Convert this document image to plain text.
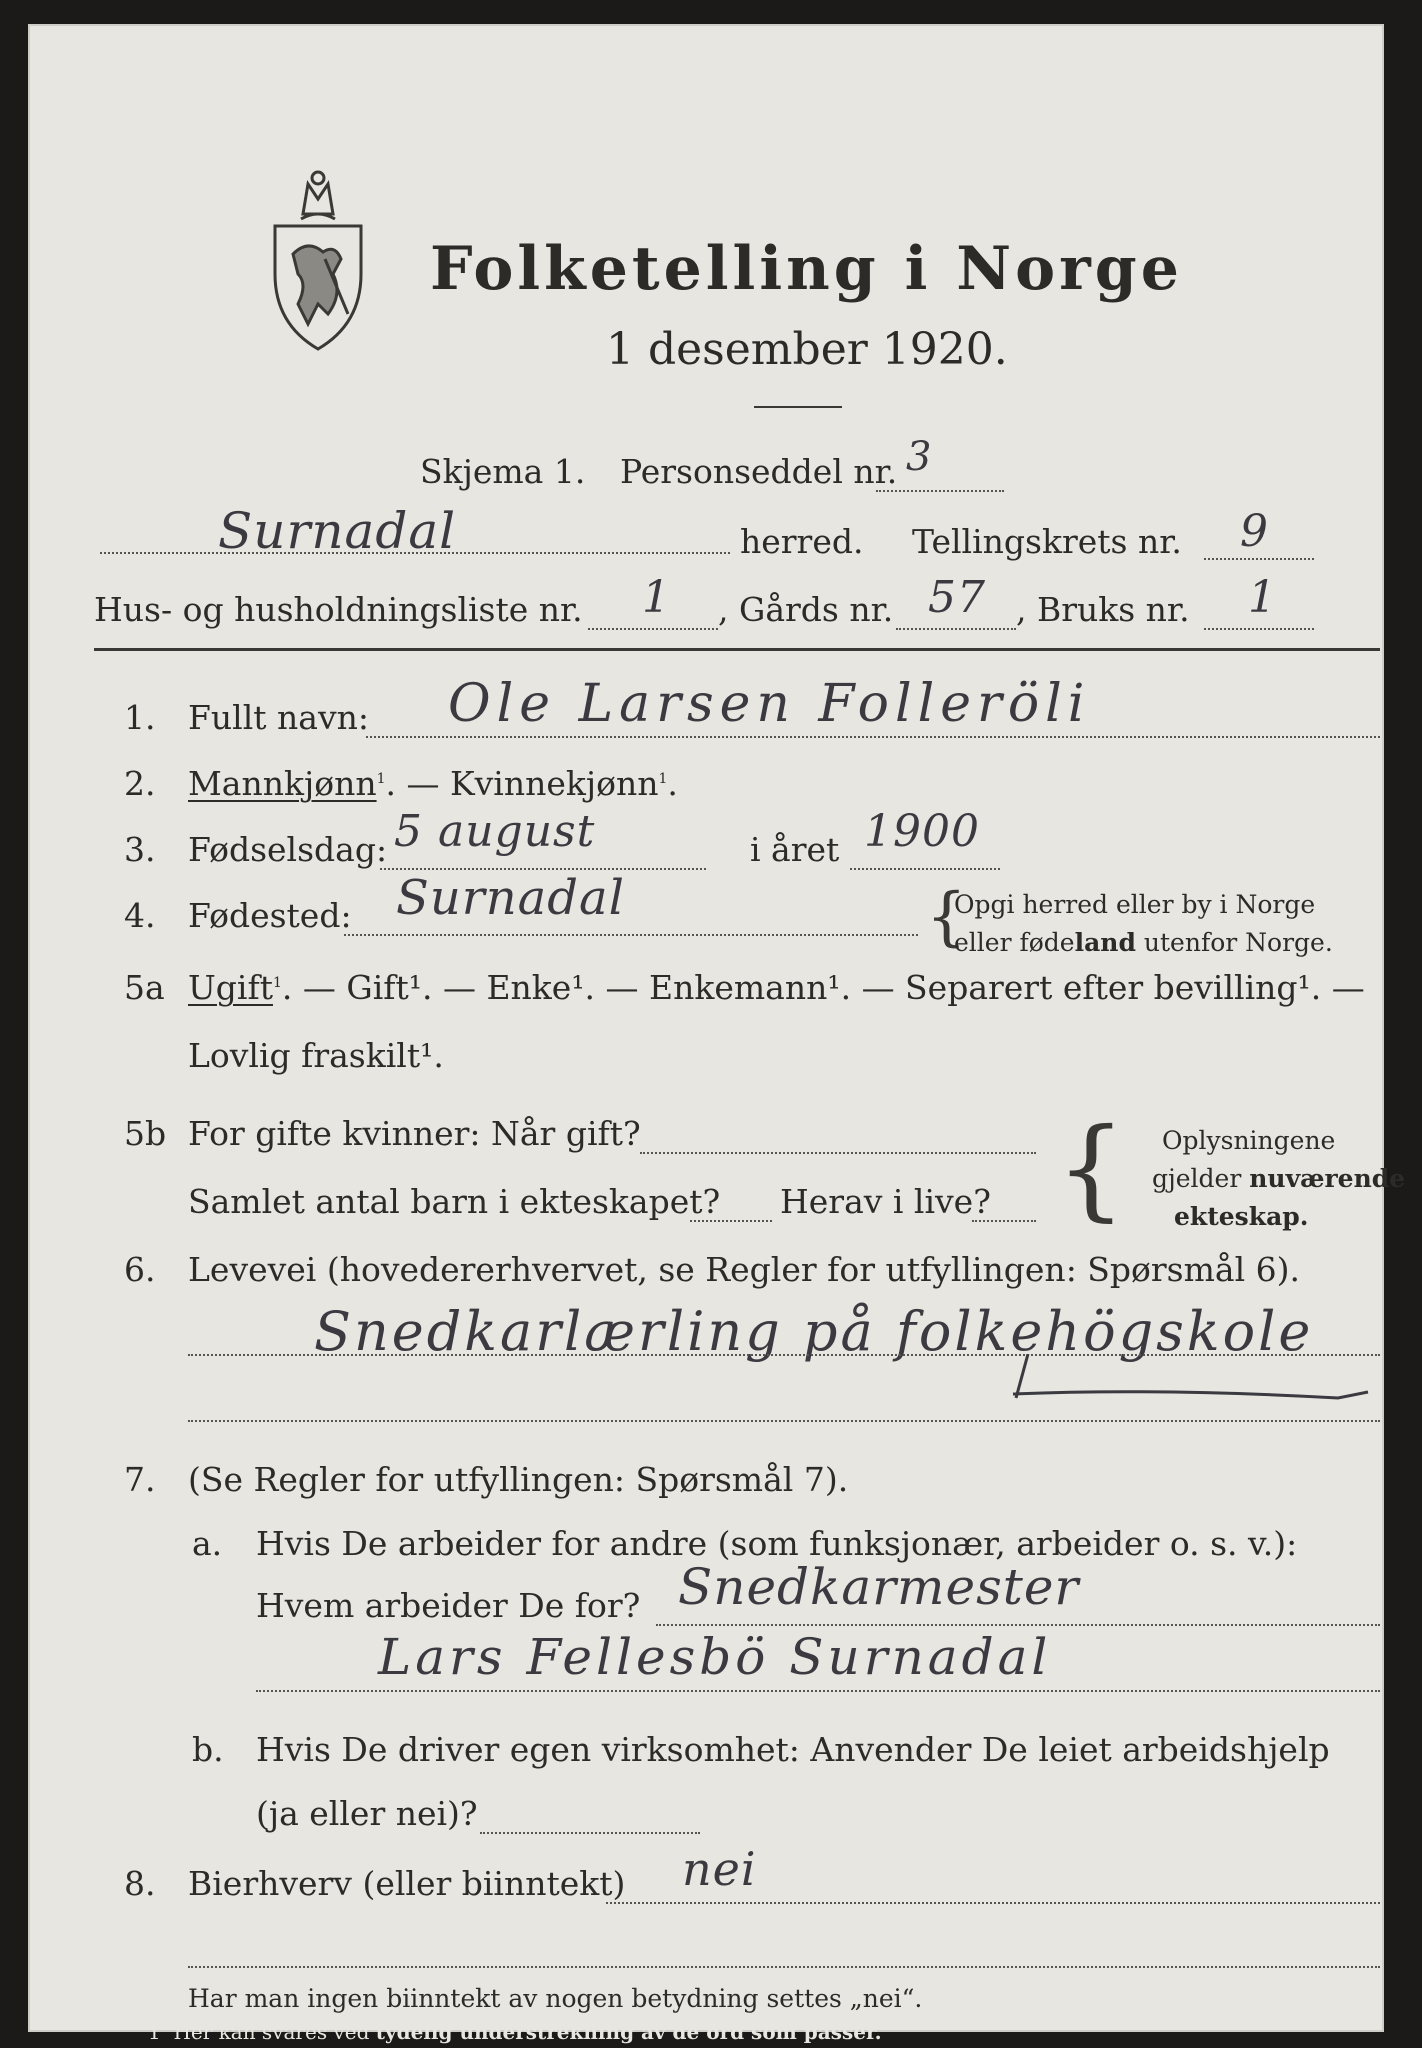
Folketelling i Norge
1 desember 1920.
Skjema 1. Personseddel nr. 3
Surnadal	herred. Tellingskrets nr. 9
Hus- og husholdningsliste nr. 1 , Gårds nr. 57 , Bruks nr. 1
1. Fullt navn: Ole Larsen Folleröli
2. Mannkjønn$^1$. — Kvinnekjønn$^1$.
3. Fødselsdag: 5 august	i året 1900
4. Fødested: Surnadal	{
Opgi herred eller by i Norge
eller fødeland utenfor Norge.
5a Ugift$^1$. — Gift¹. — Enke¹. — Enkemann¹. — Separert efter bevilling¹. —
Lovlig fraskilt¹.
5b For gifte kvinner: Når gift?
Samlet antal barn i ekteskapet? Herav i live? { Oplysningene
gjelder nuværende
ekteskap.
6. Levevei (hovedererhvervet, se Regler for utfyllingen: Spørsmål 6).
Snedkarlærling på folkehögskole
7. (Se Regler for utfyllingen: Spørsmål 7).
a. Hvis De arbeider for andre (som funksjonær, arbeider o. s. v.):
Hvem arbeider De for? Snedkarmester
Lars Fellesbö Surnadal
b. Hvis De driver egen virksomhet: Anvender De leiet arbeidshjelp
(ja eller nei)?
8. Bierhverv (eller biinntekt) nei
Har man ingen biinntekt av nogen betydning settes „nei“.
1 Her kan svares ved tydelig understrekning av de ord som passer.
